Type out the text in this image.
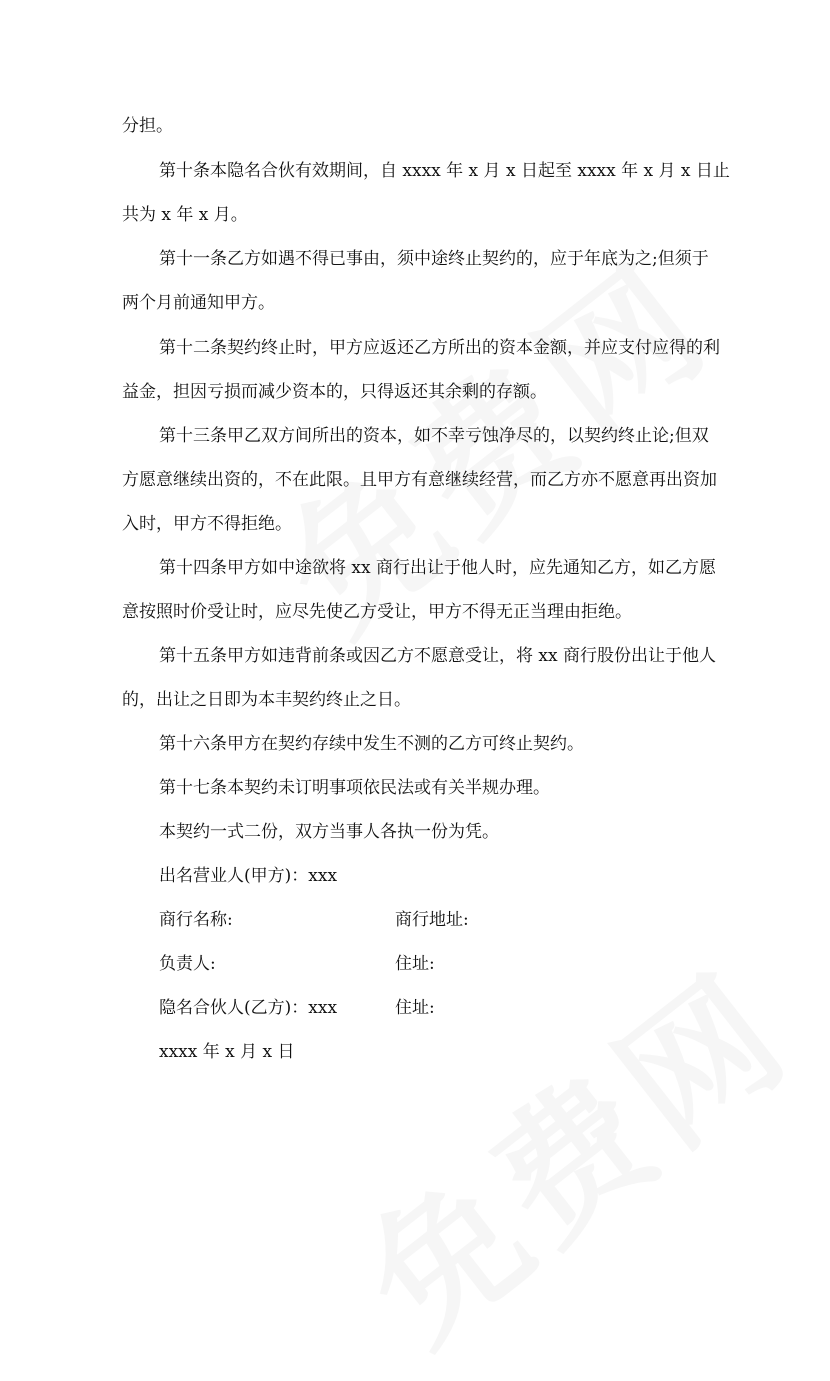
分担。
第十条本隐名合伙有效期间，自 xxxx 年 x 月 x 日起至 xxxx 年 x 月 x 日止
共为 x 年 x 月。
第十一条乙方如遇不得已事由，须中途终止契约的，应于年底为之;但须于
两个月前通知甲方。
第十二条契约终止时，甲方应返还乙方所出的资本金额，并应支付应得的利
益金，担因亏损而减少资本的，只得返还其余剩的存额。
第十三条甲乙双方间所出的资本，如不幸亏蚀净尽的，以契约终止论;但双
方愿意继续出资的，不在此限。且甲方有意继续经营，而乙方亦不愿意再出资加
入时，甲方不得拒绝。
第十四条甲方如中途欲将 xx 商行出让于他人时，应先通知乙方，如乙方愿
意按照时价受让时，应尽先使乙方受让，甲方不得无正当理由拒绝。
第十五条甲方如违背前条或因乙方不愿意受让，将 xx 商行股份出让于他人
的，出让之日即为本丰契约终止之日。
第十六条甲方在契约存续中发生不测的乙方可终止契约。
第十七条本契约未订明事项依民法或有关半规办理。
本契约一式二份，双方当事人各执一份为凭。
出名营业人(甲方)：xxx
商行名称:	商行地址:
负责人:	住址:
隐名合伙人(乙方)：xxx	住址:
xxxx 年 x 月 x 日
